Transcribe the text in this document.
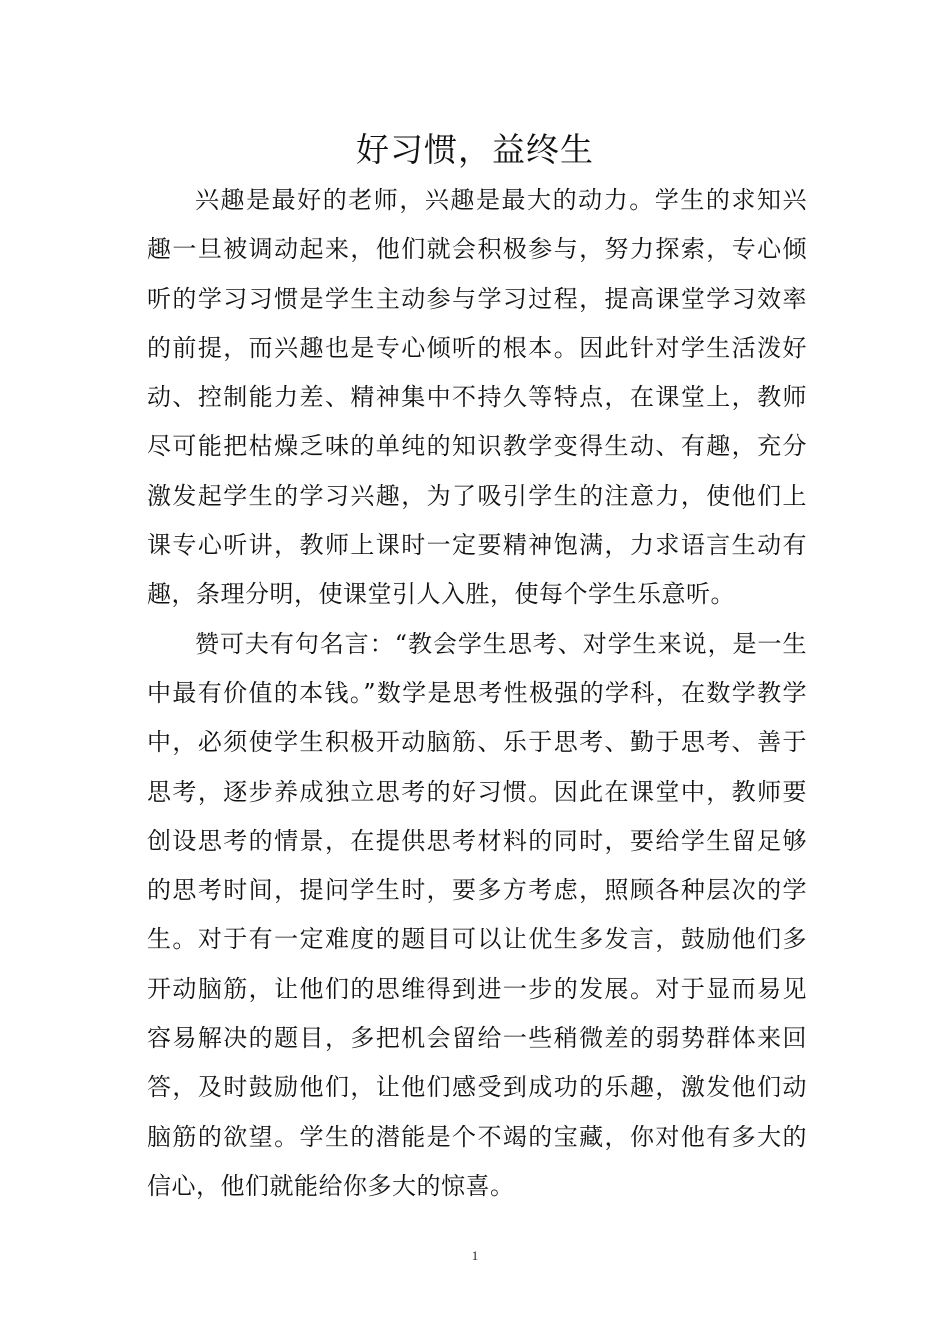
好习惯，益终生

兴趣是最好的老师，兴趣是最大的动力。学生的求知兴趣一旦被调动起来，他们就会积极参与，努力探索，专心倾听的学习习惯是学生主动参与学习过程，提高课堂学习效率的前提，而兴趣也是专心倾听的根本。因此针对学生活泼好动、控制能力差、精神集中不持久等特点，在课堂上，教师尽可能把枯燥乏味的单纯的知识教学变得生动、有趣，充分激发起学生的学习兴趣，为了吸引学生的注意力，使他们上课专心听讲，教师上课时一定要精神饱满，力求语言生动有趣，条理分明，使课堂引人入胜，使每个学生乐意听。

赞可夫有句名言：“教会学生思考、对学生来说，是一生中最有价值的本钱。”数学是思考性极强的学科，在数学教学中，必须使学生积极开动脑筋、乐于思考、勤于思考、善于思考，逐步养成独立思考的好习惯。因此在课堂中，教师要创设思考的情景，在提供思考材料的同时，要给学生留足够的思考时间，提问学生时，要多方考虑，照顾各种层次的学生。对于有一定难度的题目可以让优生多发言，鼓励他们多开动脑筋，让他们的思维得到进一步的发展。对于显而易见容易解决的题目，多把机会留给一些稍微差的弱势群体来回答，及时鼓励他们，让他们感受到成功的乐趣，激发他们动脑筋的欲望。学生的潜能是个不竭的宝藏，你对他有多大的信心，他们就能给你多大的惊喜。

1
